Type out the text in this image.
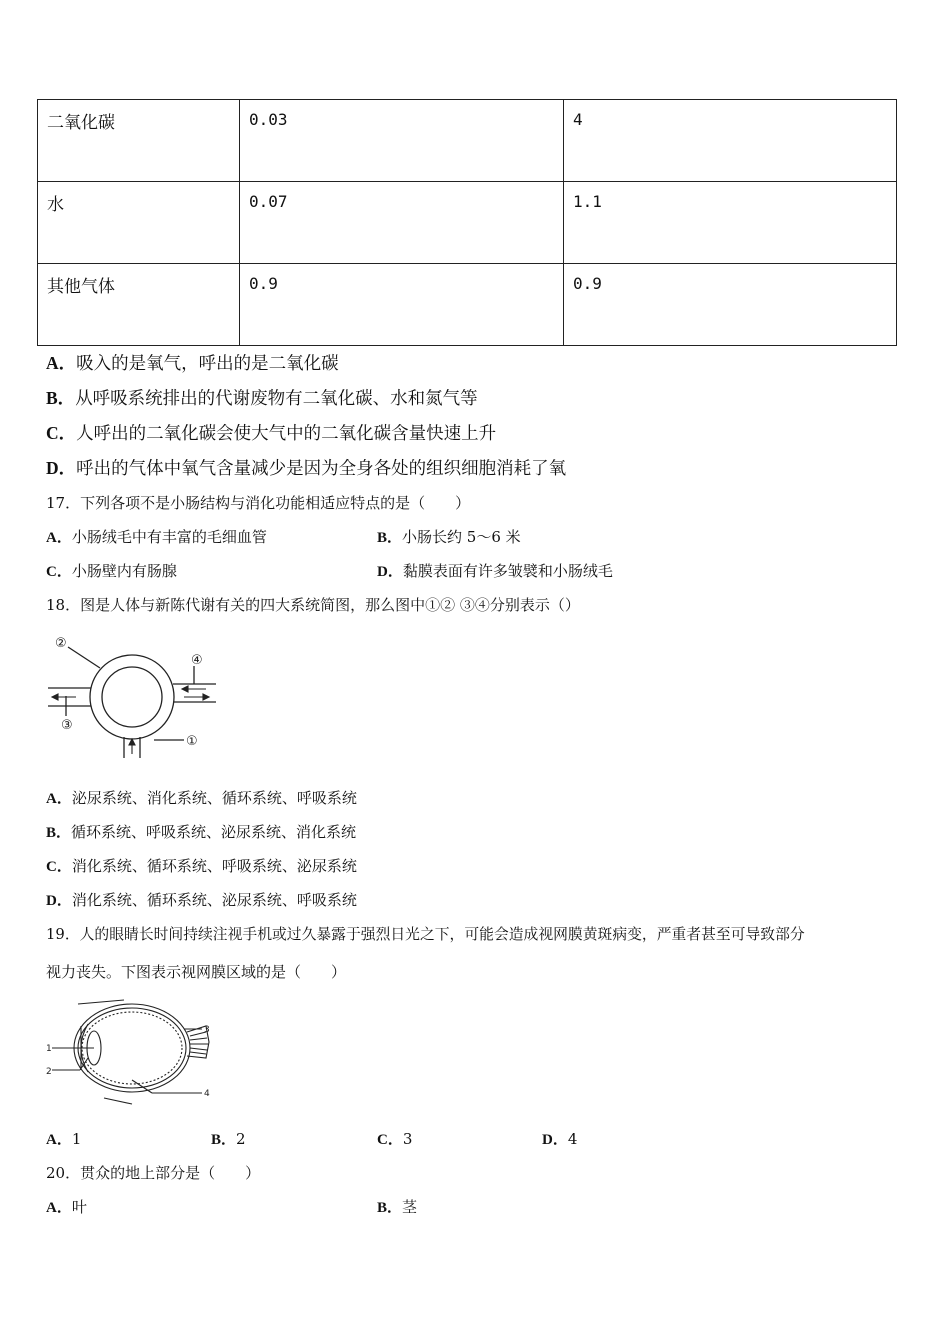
二氧化碳	0.03	4
水	0.07	1.1
其他气体	0.9	0.9
A．吸入的是氧气，呼出的是二氧化碳
B．从呼吸系统排出的代谢废物有二氧化碳、水和氮气等
C．人呼出的二氧化碳会使大气中的二氧化碳含量快速上升
D．呼出的气体中氧气含量减少是因为全身各处的组织细胞消耗了氧
17．下列各项不是小肠结构与消化功能相适应特点的是（　　）
A．小肠绒毛中有丰富的毛细血管	B．小肠长约 5～6 米
C．小肠壁内有肠腺	D．黏膜表面有许多皱襞和小肠绒毛
18．图是人体与新陈代谢有关的四大系统简图，那么图中①② ③④分别表示（）
②
③
④
①
A．泌尿系统、消化系统、循环系统、呼吸系统
B．循环系统、呼吸系统、泌尿系统、消化系统
C．消化系统、循环系统、呼吸系统、泌尿系统
D．消化系统、循环系统、泌尿系统、呼吸系统
19．人的眼睛长时间持续注视手机或过久暴露于强烈日光之下，可能会造成视网膜黄斑病变，严重者甚至可导致部分
视力丧失。下图表示视网膜区域的是（　　）
1
2
3
4
A．1	B．2	C．3	D．4
20．贯众的地上部分是（　　）
A．叶	B．茎
